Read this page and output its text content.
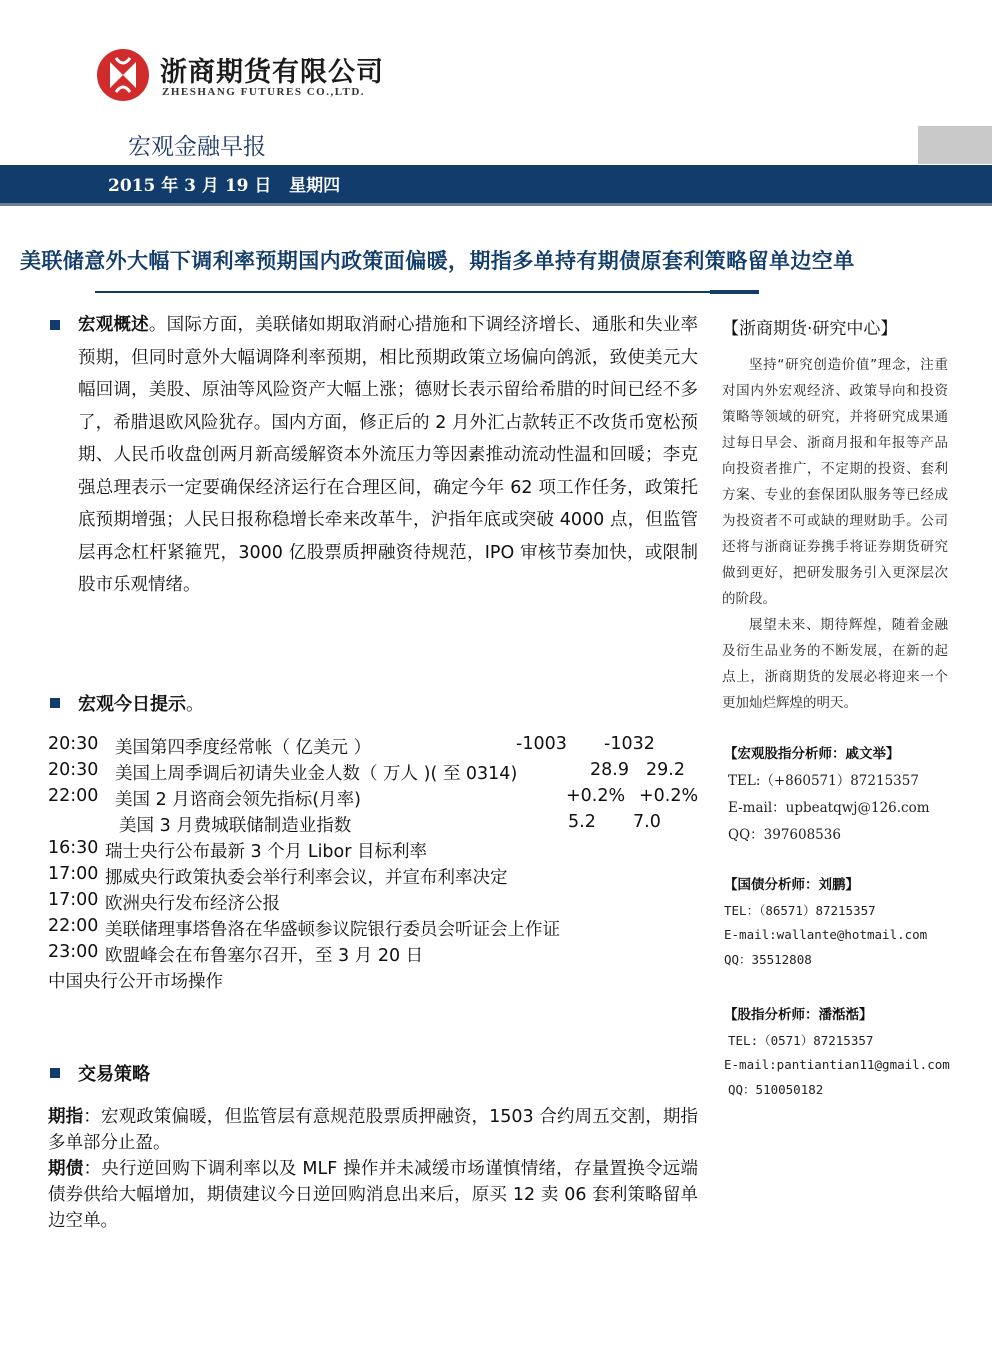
浙商期货有限公司
ZHESHANG FUTURES CO.,LTD.
宏观金融早报
2015 年 3 月 19 日 星期四
美联储意外大幅下调利率预期国内政策面偏暖，期指多单持有期债原套利策略留单边空单
宏观概述。国际方面，美联储如期取消耐心措施和下调经济增长、通胀和失业率预期，但同时意外大幅调降利率预期，相比预期政策立场偏向鸽派，致使美元大幅回调，美股、原油等风险资产大幅上涨；德财长表示留给希腊的时间已经不多了，希腊退欧风险犹存。国内方面，修正后的 2 月外汇占款转正不改货币宽松预期、人民币收盘创两月新高缓解资本外流压力等因素推动流动性温和回暖；李克强总理表示一定要确保经济运行在合理区间，确定今年 62 项工作任务，政策托底预期增强；人民日报称稳增长牵来改革牛，沪指年底或突破 4000 点，但监管层再念杠杆紧箍咒，3000 亿股票质押融资待规范，IPO 审核节奏加快，或限制股市乐观情绪。
宏观今日提示。
20:30 美国第四季度经常帐（ 亿美元 ）	-1003 -1032
20:30 美国上周季调后初请失业金人数（ 万人 )( 至 0314)	28.9 29.2
22:00 美国 2 月谘商会领先指标(月率)	+0.2% +0.2%
美国 3 月费城联储制造业指数	5.2 7.0
16:30 瑞士央行公布最新 3 个月 Libor 目标利率
17:00 挪威央行政策执委会举行利率会议，并宣布利率决定
17:00 欧洲央行发布经济公报
22:00 美联储理事塔鲁洛在华盛顿参议院银行委员会听证会上作证
23:00 欧盟峰会在布鲁塞尔召开，至 3 月 20 日
中国央行公开市场操作
交易策略
期指：宏观政策偏暖，但监管层有意规范股票质押融资，1503 合约周五交割，期指多单部分止盈。
期债：央行逆回购下调利率以及 MLF 操作并未减缓市场谨慎情绪，存量置换令远端债券供给大幅增加，期债建议今日逆回购消息出来后，原买 12 卖 06 套利策略留单边空单。
【浙商期货·研究中心】
坚持“研究创造价值”理念，注重对国内外宏观经济、政策导向和投资策略等领域的研究，并将研究成果通过每日早会、浙商月报和年报等产品向投资者推广，不定期的投资、套利方案、专业的套保团队服务等已经成为投资者不可或缺的理财助手。公司还将与浙商证券携手将证券期货研究做到更好，把研发服务引入更深层次的阶段。
展望未来、期待辉煌，随着金融及衍生品业务的不断发展，在新的起点上，浙商期货的发展必将迎来一个更加灿烂辉煌的明天。
【宏观股指分析师：戚文举】
TEL:（+860571）87215357
E-mail：upbeatqwj@126.com
QQ：397608536
【国债分析师：刘鹏】
TEL：（86571）87215357
E-mail:wallante@hotmail.com
QQ：35512808
【股指分析师：潘湉湉】
TEL:（0571）87215357
E-mail:pantiantian11@gmail.com
QQ：510050182
